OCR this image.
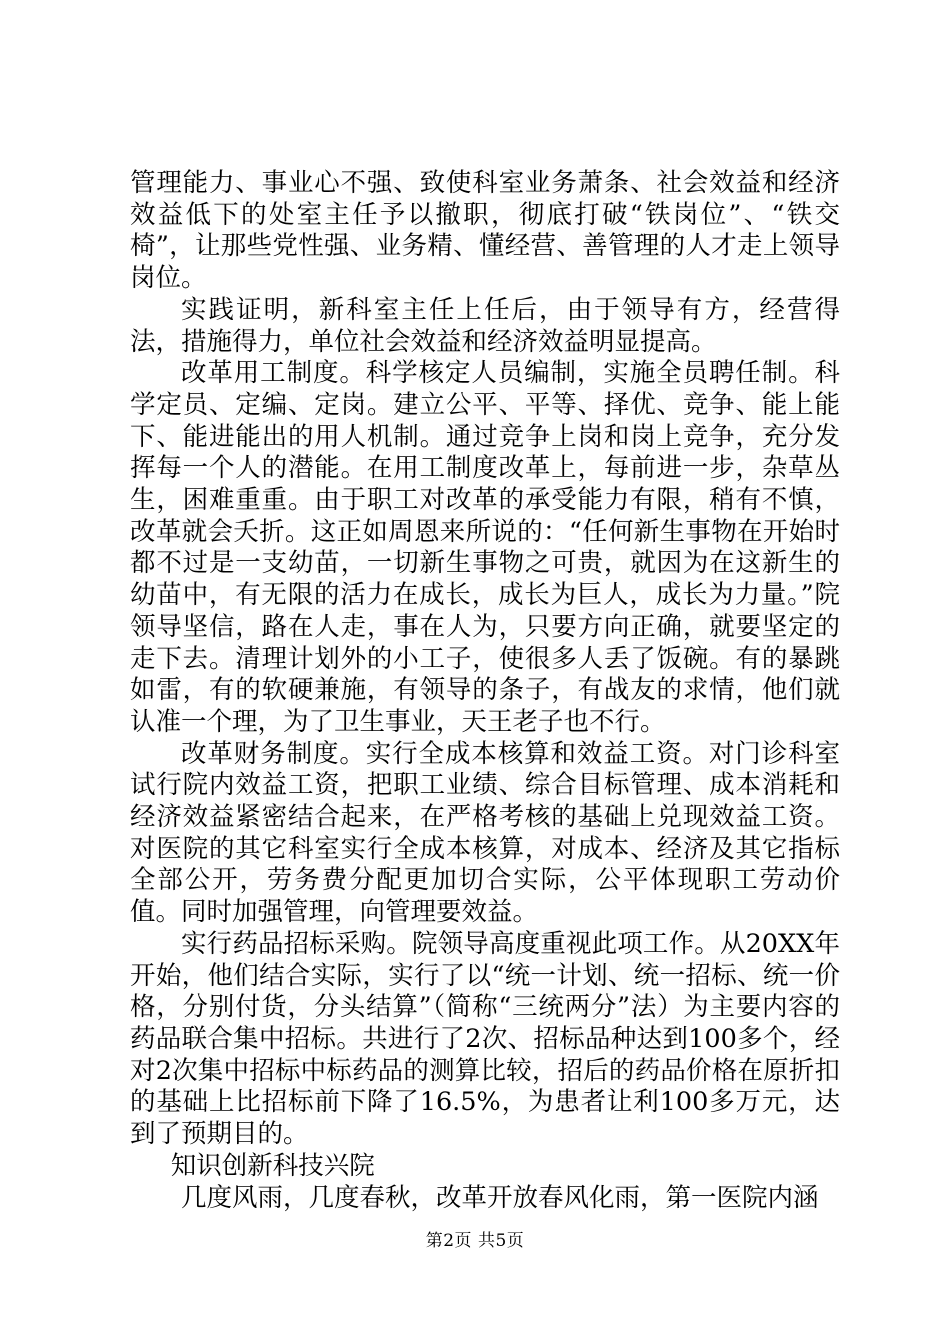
管理能力、事业心不强、致使科室业务萧条、社会效益和经济效益低下的处室主任予以撤职，彻底打破“铁岗位”、“铁交椅”，让那些党性强、业务精、懂经营、善管理的人才走上领导岗位。

实践证明，新科室主任上任后，由于领导有方，经营得法，措施得力，单位社会效益和经济效益明显提高。

改革用工制度。科学核定人员编制，实施全员聘任制。科学定员、定编、定岗。建立公平、平等、择优、竞争、能上能下、能进能出的用人机制。通过竞争上岗和岗上竞争，充分发挥每一个人的潜能。在用工制度改革上，每前进一步，杂草丛生，困难重重。由于职工对改革的承受能力有限，稍有不慎，改革就会夭折。这正如周恩来所说的：“任何新生事物在开始时都不过是一支幼苗，一切新生事物之可贵，就因为在这新生的幼苗中，有无限的活力在成长，成长为巨人，成长为力量。”院领导坚信，路在人走，事在人为，只要方向正确，就要坚定的走下去。清理计划外的小工子，使很多人丢了饭碗。有的暴跳如雷，有的软硬兼施，有领导的条子，有战友的求情，他们就认准一个理，为了卫生事业，天王老子也不行。

改革财务制度。实行全成本核算和效益工资。对门诊科室试行院内效益工资，把职工业绩、综合目标管理、成本消耗和经济效益紧密结合起来，在严格考核的基础上兑现效益工资。对医院的其它科室实行全成本核算，对成本、经济及其它指标全部公开，劳务费分配更加切合实际，公平体现职工劳动价值。同时加强管理，向管理要效益。

实行药品招标采购。院领导高度重视此项工作。从20XX年开始，他们结合实际，实行了以“统一计划、统一招标、统一价格，分别付货，分头结算”（简称“三统两分”法）为主要内容的药品联合集中招标。共进行了2次、招标品种达到100多个，经对2次集中招标中标药品的测算比较，招后的药品价格在原折扣的基础上比招标前下降了16.5%，为患者让利100多万元，达到了预期目的。

知识创新科技兴院

几度风雨，几度春秋，改革开放春风化雨，第一医院内涵

第2页 共5页
